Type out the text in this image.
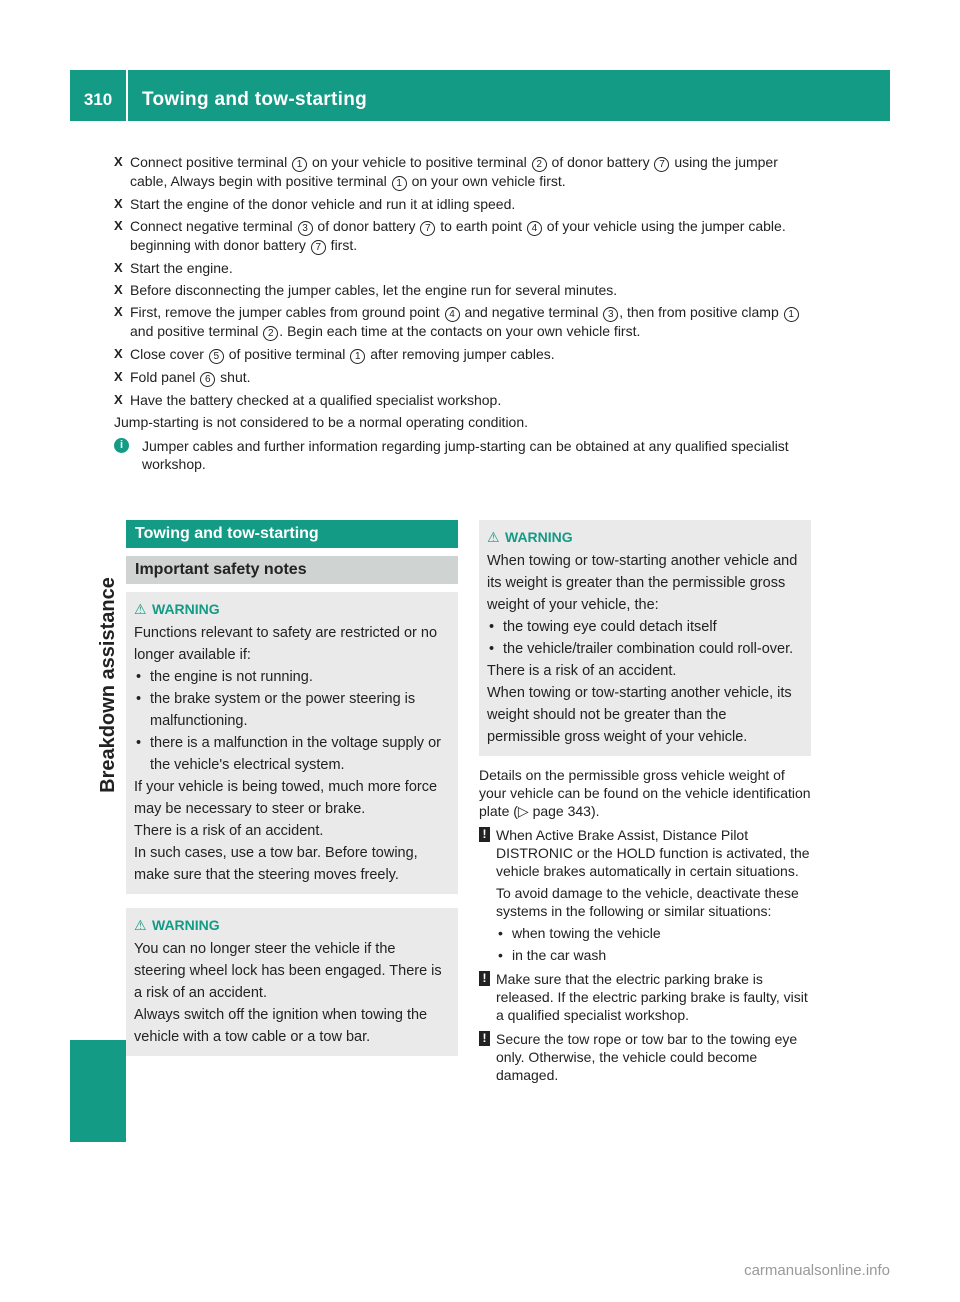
310	Towing and tow-starting
Breakdown assistance
X Connect positive terminal 1 on your vehicle to positive terminal 2 of donor battery 7 using the jumper cable, Always begin with positive terminal 1 on your own vehicle first.
X Start the engine of the donor vehicle and run it at idling speed.
X Connect negative terminal 3 of donor battery 7 to earth point 4 of your vehicle using the jumper cable. beginning with donor battery 7 first.
X Start the engine.
X Before disconnecting the jumper cables, let the engine run for several minutes.
X First, remove the jumper cables from ground point 4 and negative terminal 3 , then from positive clamp 1 and positive terminal 2 . Begin each time at the contacts on your own vehicle first.
X Close cover 5 of positive terminal 1 after removing jumper cables.
X Fold panel 6 shut.
X Have the battery checked at a qualified specialist workshop.

Jump-starting is not considered to be a normal operating condition.

i	Jumper cables and further information regarding jump-starting can be obtained at any qualified specialist workshop.
Towing and tow-starting
Important safety notes
⚠ WARNING
Functions relevant to safety are restricted or no longer available if:
• the engine is not running.
• the brake system or the power steering is malfunctioning.
• there is a malfunction in the voltage supply or the vehicle's electrical system.
If your vehicle is being towed, much more force may be necessary to steer or brake.
There is a risk of an accident.
In such cases, use a tow bar. Before towing, make sure that the steering moves freely.
⚠ WARNING
You can no longer steer the vehicle if the steering wheel lock has been engaged. There is a risk of an accident.
Always switch off the ignition when towing the vehicle with a tow cable or a tow bar.
⚠ WARNING
When towing or tow-starting another vehicle and its weight is greater than the permissible gross weight of your vehicle, the:
• the towing eye could detach itself
• the vehicle/trailer combination could roll-over.
There is a risk of an accident.
When towing or tow-starting another vehicle, its weight should not be greater than the permissible gross weight of your vehicle.
Details on the permissible gross vehicle weight of your vehicle can be found on the vehicle identification plate (▷ page 343).
! When Active Brake Assist, Distance Pilot DISTRONIC or the HOLD function is activated, the vehicle brakes automatically in certain situations.
To avoid damage to the vehicle, deactivate these systems in the following or similar situations:
• when towing the vehicle
• in the car wash
! Make sure that the electric parking brake is released. If the electric parking brake is faulty, visit a qualified specialist workshop.
! Secure the tow rope or tow bar to the towing eye only. Otherwise, the vehicle could become damaged.
carmanualsonline.info
